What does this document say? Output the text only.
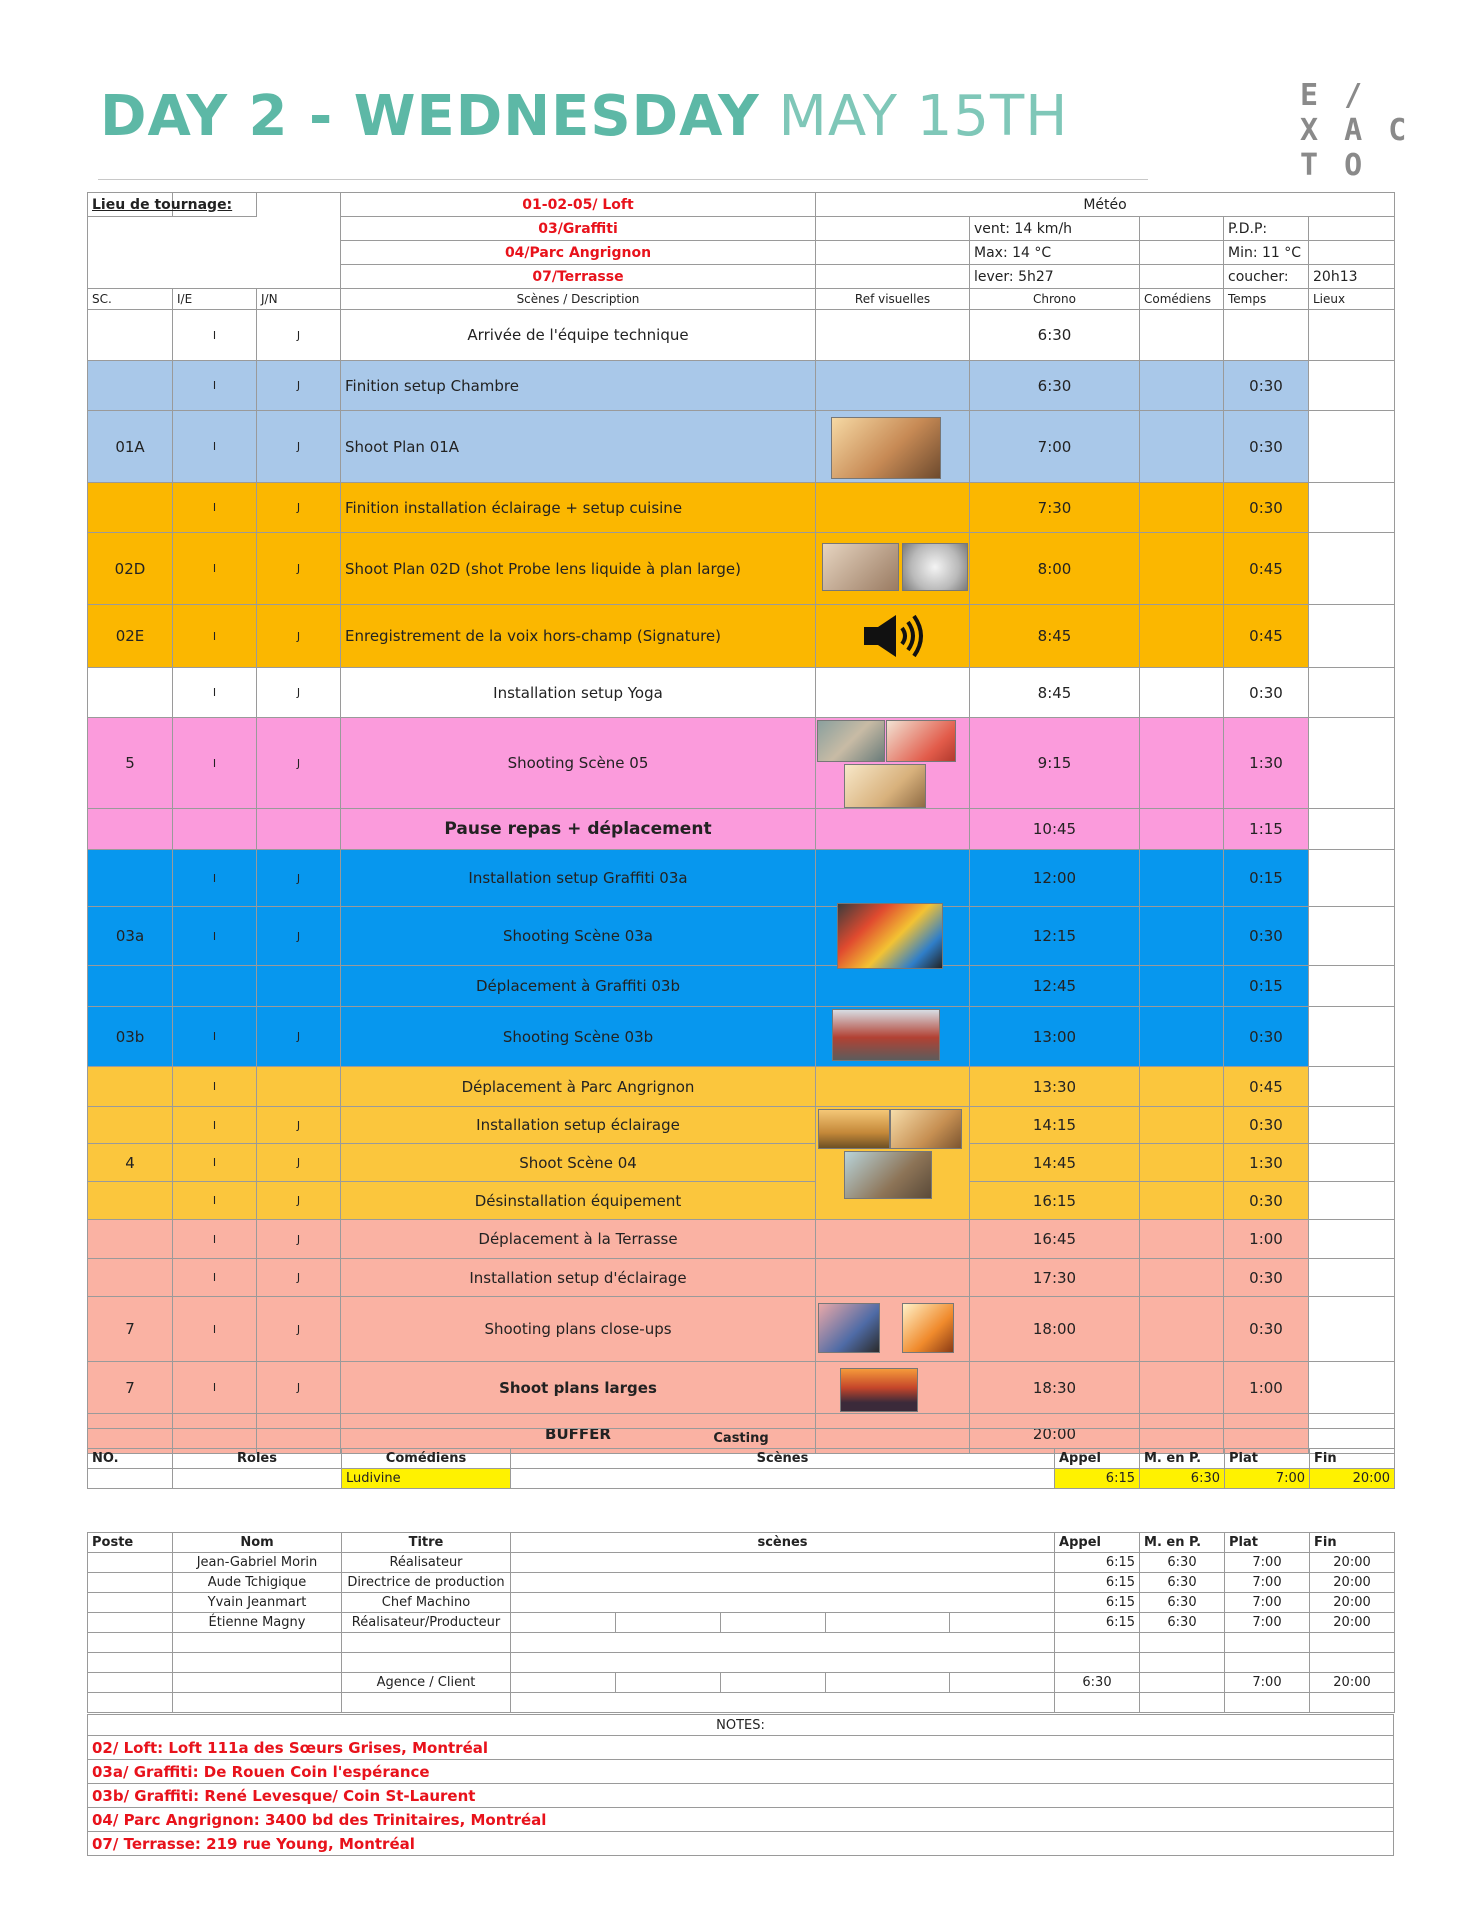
DAY 2 - WEDNESDAY MAY 15TH	E /
X A C
T O
Lieu de tournage:			01-02-05/ Loft	Météo				
			03/Graffiti		vent: 14 km/h		P.D.P:	
			04/Parc Angrignon		Max: 14 °C		Min: 11 °C	
			07/Terrasse		lever: 5h27		coucher:	20h13
SC.	I/E	J/N	Scènes / Description	Ref visuelles	Chrono	Comédiens	Temps	Lieux
	I	J	Arrivée de l'équipe technique		6:30			
	I	J	Finition setup Chambre		6:30		0:30	
01A	I	J	Shoot Plan 01A		7:00		0:30	
	I	J	Finition installation éclairage + setup cuisine		7:30		0:30	
02D	I	J	Shoot Plan 02D (shot Probe lens liquide à plan large)		8:00		0:45	
02E	I	J	Enregistrement de la voix hors-champ (Signature)		8:45		0:45	
	I	J	Installation setup Yoga		8:45		0:30	
5	I	J	Shooting Scène 05		9:15		1:30	
			Pause repas + déplacement		10:45		1:15	
	I	J	Installation setup Graffiti 03a		12:00		0:15	
03a	I	J	Shooting Scène 03a		12:15		0:30	
			Déplacement à Graffiti 03b		12:45		0:15	
03b	I	J	Shooting Scène 03b		13:00		0:30	
	I		Déplacement à Parc Angrignon		13:30		0:45	
	I	J	Installation setup éclairage		14:15		0:30	
4	I	J	Shoot Scène 04		14:45		1:30	
	I	J	Désinstallation équipement		16:15		0:30	
	I	J	Déplacement à la Terrasse		16:45		1:00	
	I	J	Installation setup d'éclairage		17:30		0:30	
7	I	J	Shooting plans close-ups		18:00		0:30	
7	I	J	Shoot plans larges		18:30		1:00	
			BUFFER		20:00			
Casting							
NO.	Roles	Comédiens	Scènes	Appel	M. en P.	Plat	Fin
		Ludivine		6:15	6:30	7:00	20:00
Poste	Nom	Titre	scènes					Appel	M. en P.	Plat	Fin
	Jean-Gabriel Morin	Réalisateur						6:15	6:30	7:00	20:00
	Aude Tchigique	Directrice de production						6:15	6:30	7:00	20:00
	Yvain Jeanmart	Chef Machino						6:15	6:30	7:00	20:00
	Étienne Magny	Réalisateur/Producteur						6:15	6:30	7:00	20:00

		Agence / Client						6:30		7:00	20:00

NOTES:
02/ Loft: Loft 111a des Sœurs Grises, Montréal
03a/ Graffiti: De Rouen Coin l'espérance
03b/ Graffiti: René Levesque/ Coin St-Laurent
04/ Parc Angrignon: 3400 bd des Trinitaires, Montréal
07/ Terrasse: 219 rue Young, Montréal
